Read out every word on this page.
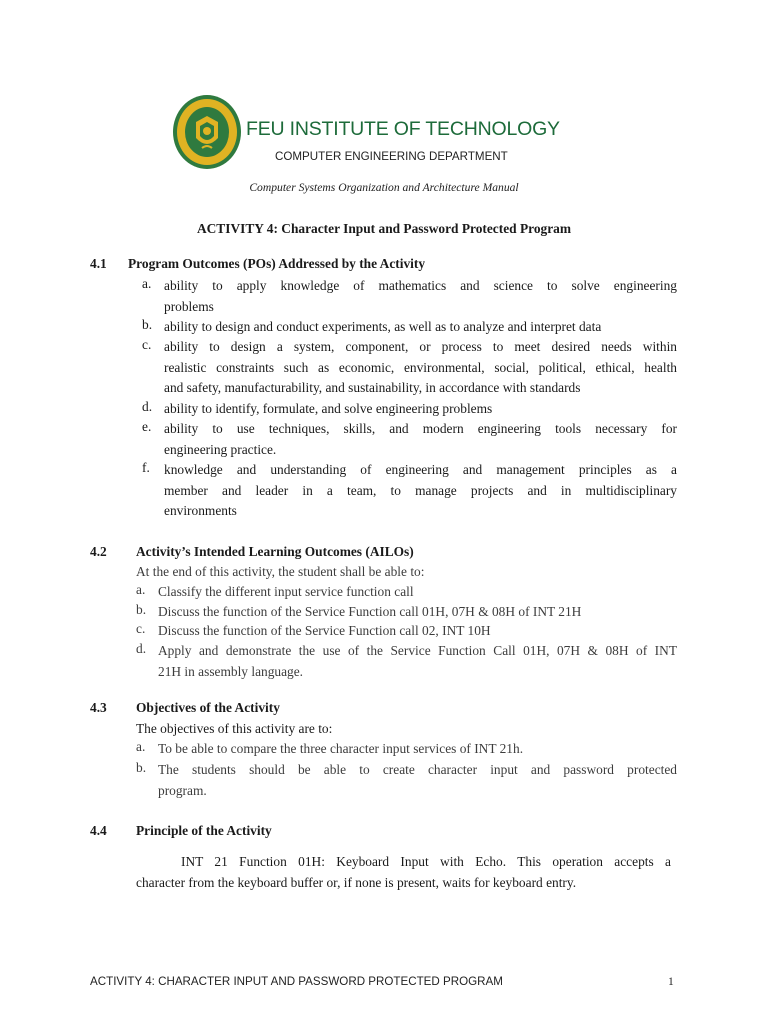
FEU INSTITUTE OF TECHNOLOGY
COMPUTER ENGINEERING DEPARTMENT
Computer Systems Organization and Architecture Manual
ACTIVITY 4: Character Input and Password Protected Program
4.1 Program Outcomes (POs) Addressed by the Activity
a. ability to apply knowledge of mathematics and science to solve engineering
problems
b. ability to design and conduct experiments, as well as to analyze and interpret data
c. ability to design a system, component, or process to meet desired needs within
realistic constraints such as economic, environmental, social, political, ethical, health
and safety, manufacturability, and sustainability, in accordance with standards
d. ability to identify, formulate, and solve engineering problems
e. ability to use techniques, skills, and modern engineering tools necessary for
engineering practice.
f. knowledge and understanding of engineering and management principles as a
member and leader in a team, to manage projects and in multidisciplinary
environments
4.2 Activity’s Intended Learning Outcomes (AILOs)
At the end of this activity, the student shall be able to:
a. Classify the different input service function call
b. Discuss the function of the Service Function call 01H, 07H & 08H of INT 21H
c. Discuss the function of the Service Function call 02, INT 10H
d. Apply and demonstrate the use of the Service Function Call 01H, 07H & 08H of INT
21H in assembly language.
4.3 Objectives of the Activity
The objectives of this activity are to:
a. To be able to compare the three character input services of INT 21h.
b. The students should be able to create character input and password protected
program.
4.4 Principle of the Activity
INT 21 Function 01H: Keyboard Input with Echo. This operation accepts a
character from the keyboard buffer or, if none is present, waits for keyboard entry.
ACTIVITY 4: CHARACTER INPUT AND PASSWORD PROTECTED PROGRAM	1
